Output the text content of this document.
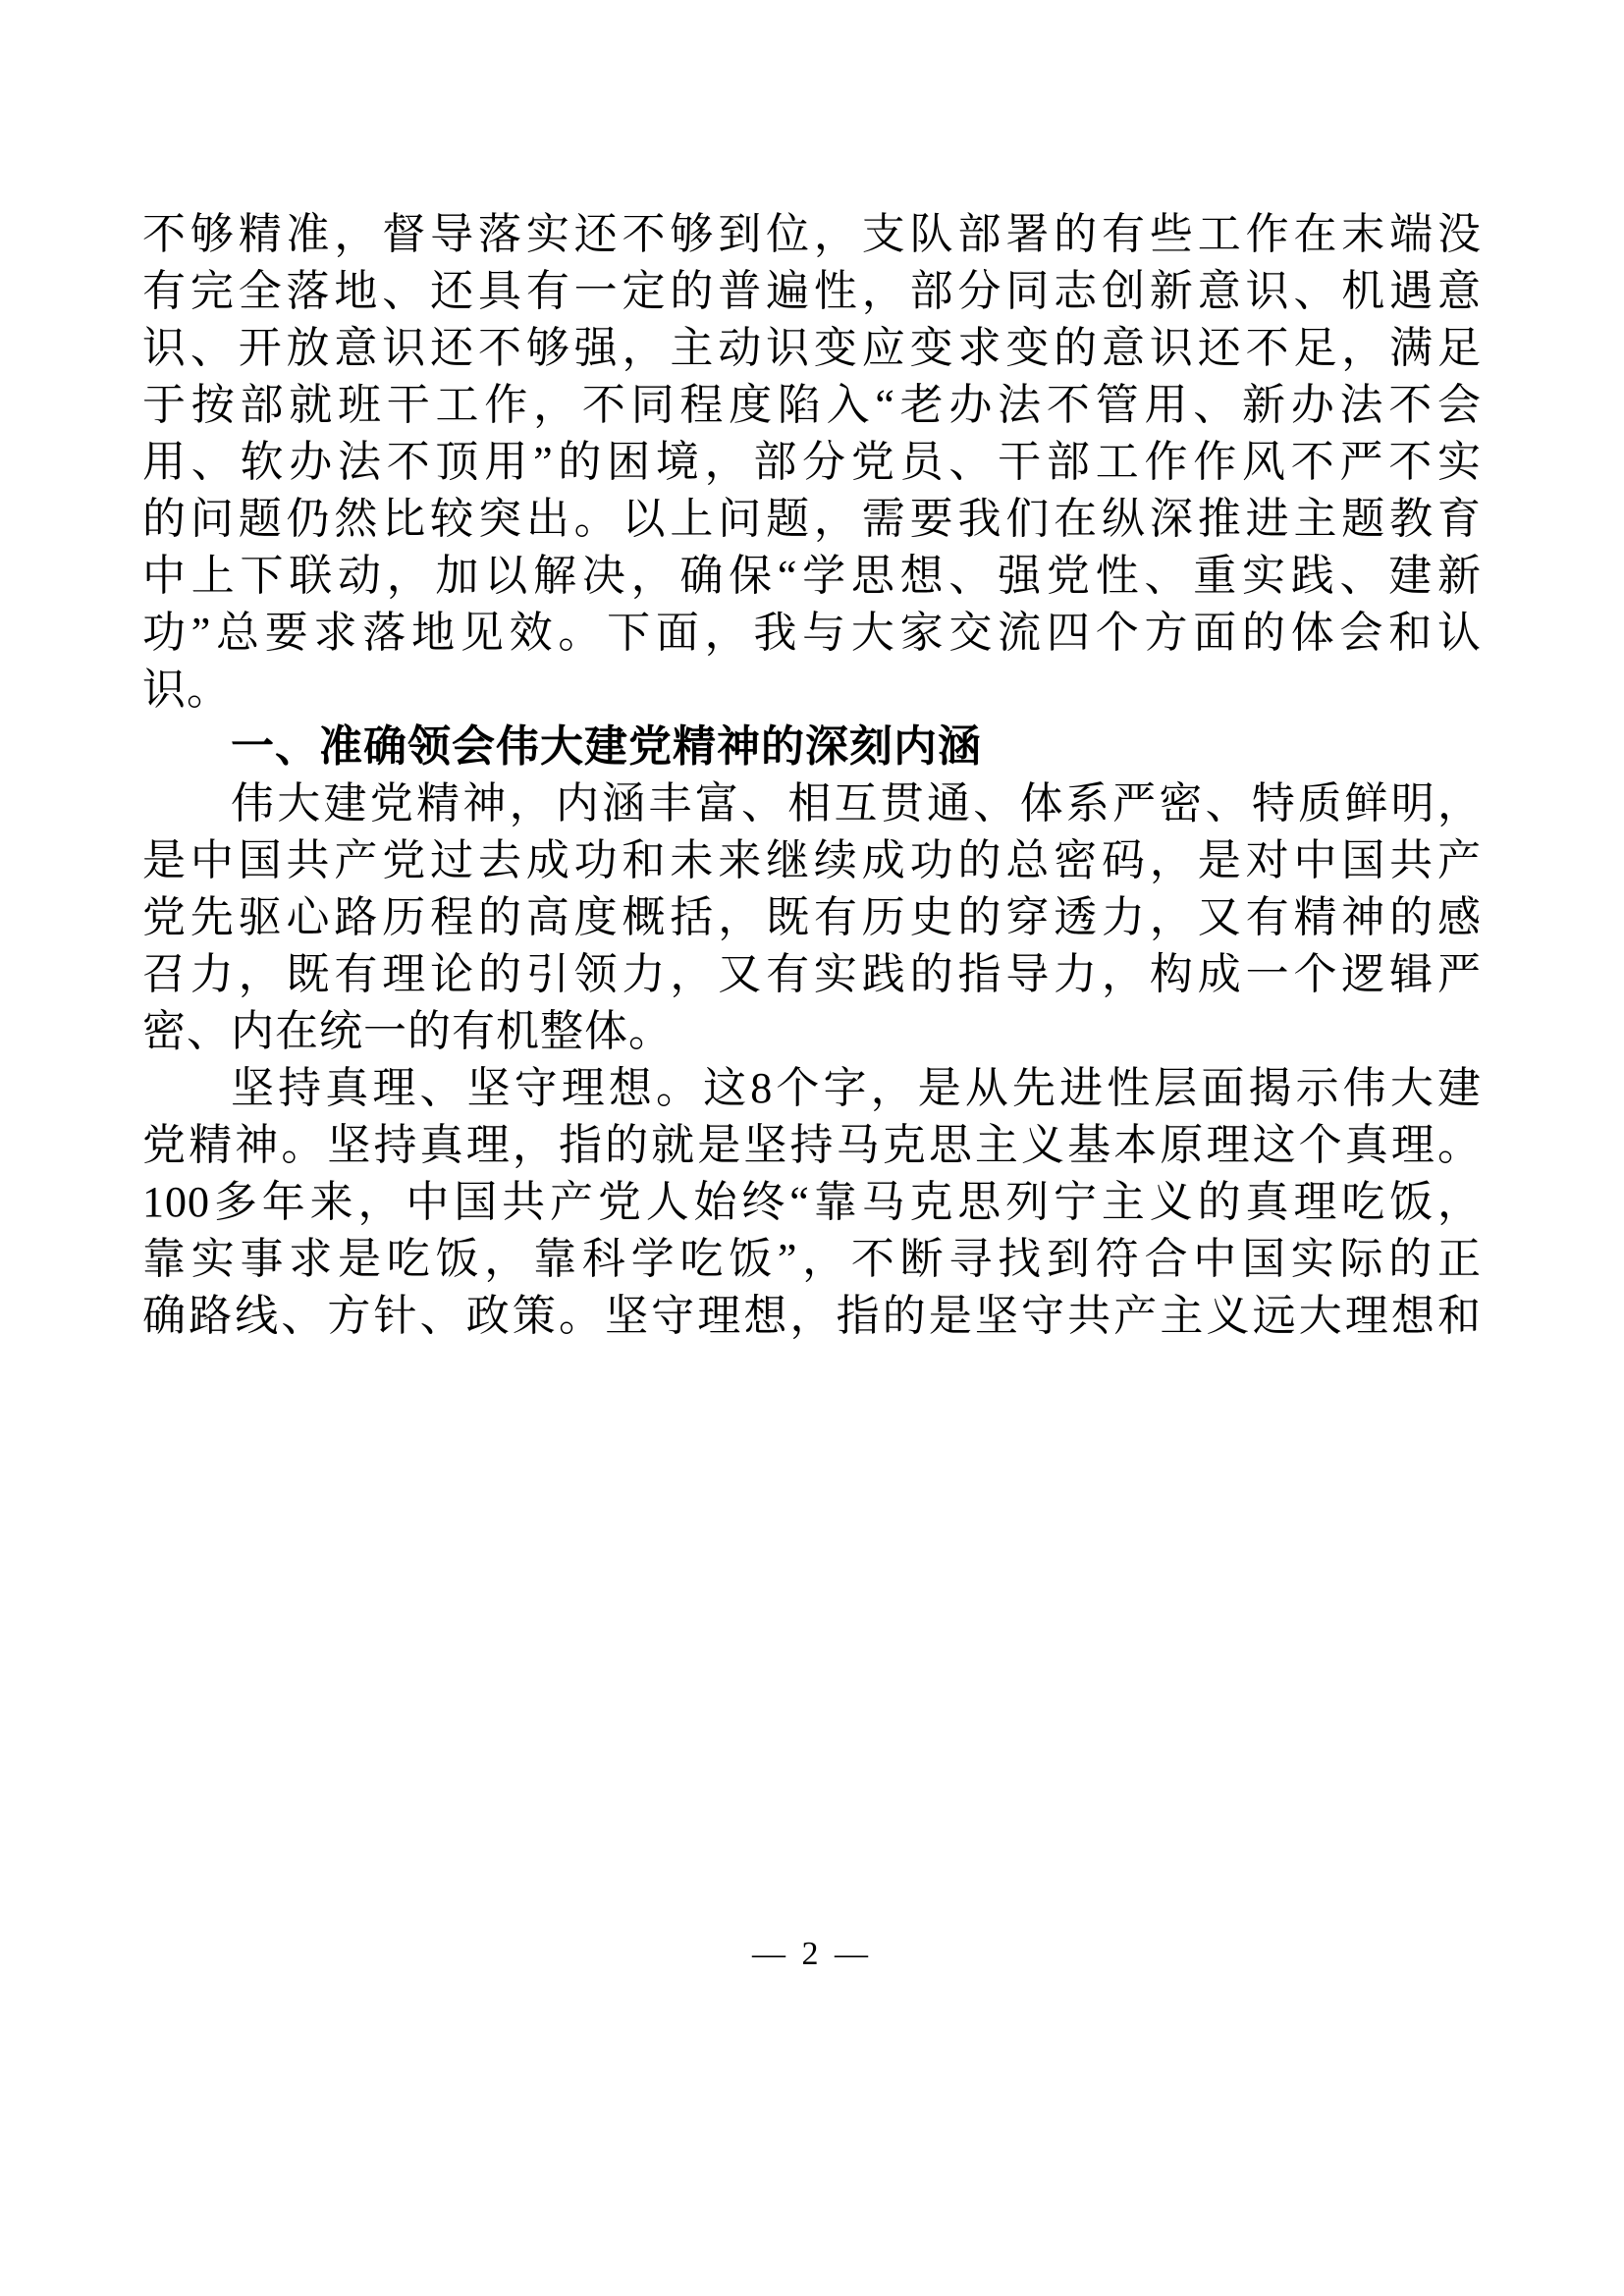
不够精准，督导落实还不够到位，支队部署的有些工作在末端没
有完全落地、还具有一定的普遍性，部分同志创新意识、机遇意
识、开放意识还不够强，主动识变应变求变的意识还不足，满足
于按部就班干工作，不同程度陷入“老办法不管用、新办法不会
用、软办法不顶用”的困境，部分党员、干部工作作风不严不实
的问题仍然比较突出。以上问题，需要我们在纵深推进主题教育
中上下联动，加以解决，确保“学思想、强党性、重实践、建新
功”总要求落地见效。下面，我与大家交流四个方面的体会和认
识。
一、准确领会伟大建党精神的深刻内涵
伟大建党精神，内涵丰富、相互贯通、体系严密、特质鲜明，
是中国共产党过去成功和未来继续成功的总密码，是对中国共产
党先驱心路历程的高度概括，既有历史的穿透力，又有精神的感
召力，既有理论的引领力，又有实践的指导力，构成一个逻辑严
密、内在统一的有机整体。
坚持真理、坚守理想。这8个字，是从先进性层面揭示伟大建
党精神。坚持真理，指的就是坚持马克思主义基本原理这个真理。
100多年来，中国共产党人始终“靠马克思列宁主义的真理吃饭，
靠实事求是吃饭，靠科学吃饭”，不断寻找到符合中国实际的正
确路线、方针、政策。坚守理想，指的是坚守共产主义远大理想和
— 2 —
